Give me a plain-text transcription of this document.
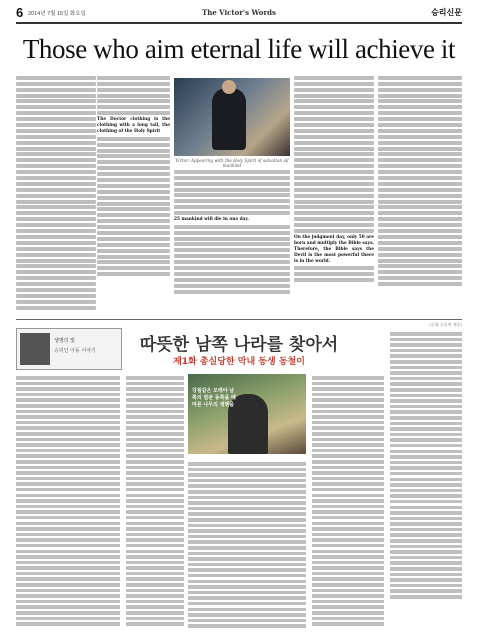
6 2014년 7월 15일 화요일	The Victor's Words	승리신문
Those who aim eternal life will achieve it
The Doctor clothing is the clothing with a long tail, the clothing of the Holy Spirit
Victor: Appearing with the Holy Spirit of salvation all mankind
25 mankind will die in one day.
On the judgment day, only 50 are born and multiply the Bible says. Therefore, the Bible says the Devil is the most powerful there is in the world.
(문화 승리연 제공)
생명의 빛
승리인 아동 이야기	따뜻한 남쪽 나라를 찾아서
제1화 총실당한 막내 동생 동철이
강철같은 모래야 남쪽의 벌판 동쪽을 메마른 나무의 생명을
